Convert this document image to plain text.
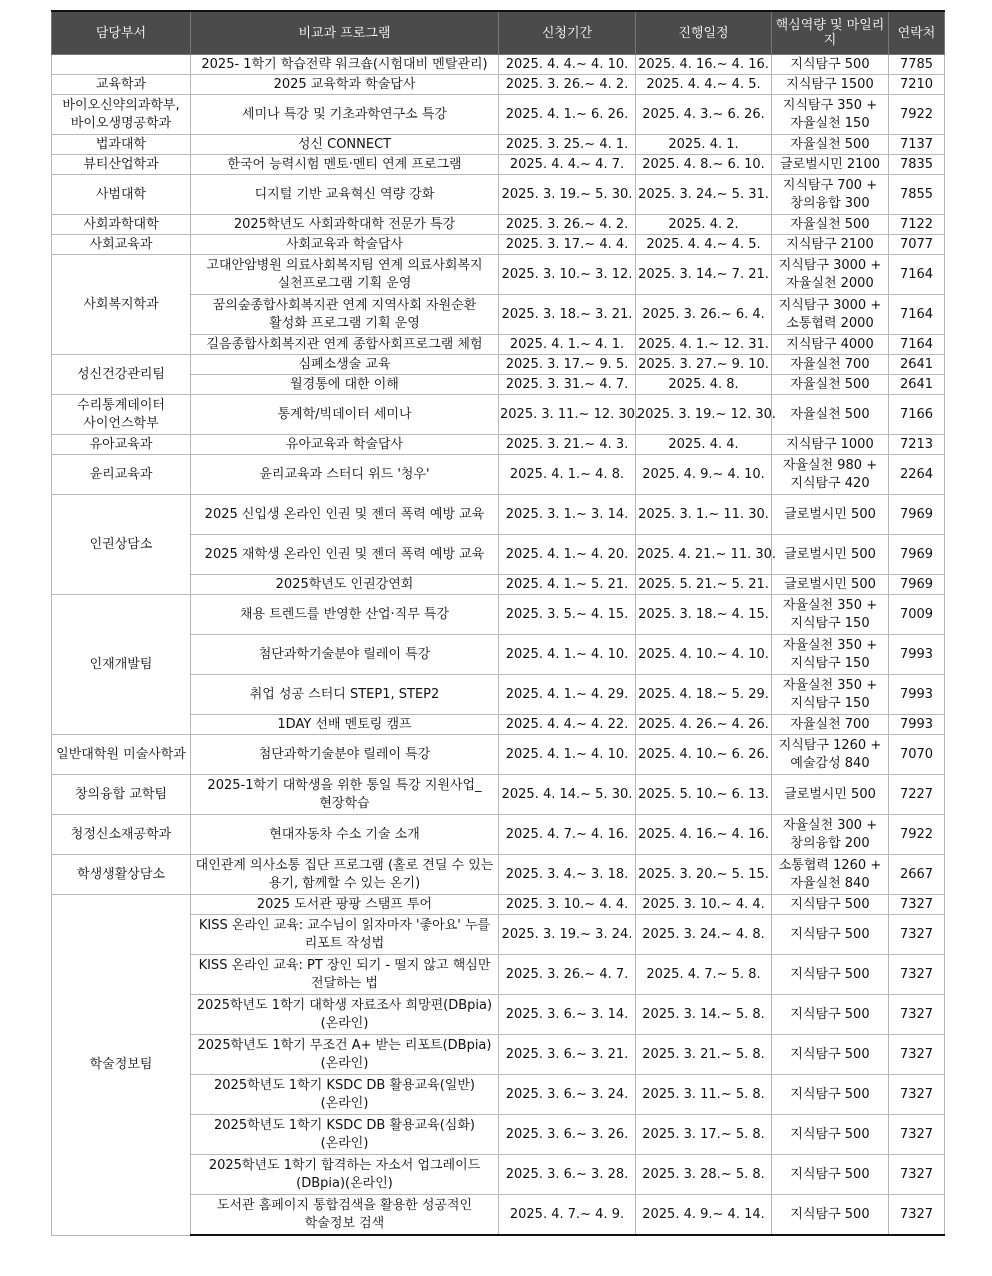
담당부서	비교과 프로그램	신청기간	진행일정	핵심역량 및 마일리지	연락처
	2025- 1학기 학습전략 워크숍(시험대비 멘탈관리)	2025. 4. 4.~ 4. 10.	2025. 4. 16.~ 4. 16.	지식탐구 500	7785
교육학과	2025 교육학과 학술답사	2025. 3. 26.~ 4. 2.	2025. 4. 4.~ 4. 5.	지식탐구 1500	7210
바이오신약의과학부, 바이오생명공학과	세미나 특강 및 기초과학연구소 특강	2025. 4. 1.~ 6. 26.	2025. 4. 3.~ 6. 26.	지식탐구 350 + 자율실천 150	7922
법과대학	성신 CONNECT	2025. 3. 25.~ 4. 1.	2025. 4. 1.	자율실천 500	7137
뷰티산업학과	한국어 능력시험 멘토·멘티 연계 프로그램	2025. 4. 4.~ 4. 7.	2025. 4. 8.~ 6. 10.	글로벌시민 2100	7835
사범대학	디지털 기반 교육혁신 역량 강화	2025. 3. 19.~ 5. 30.	2025. 3. 24.~ 5. 31.	지식탐구 700 + 창의융합 300	7855
사회과학대학	2025학년도 사회과학대학 전문가 특강	2025. 3. 26.~ 4. 2.	2025. 4. 2.	자율실천 500	7122
사회교육과	사회교육과 학술답사	2025. 3. 17.~ 4. 4.	2025. 4. 4.~ 4. 5.	지식탐구 2100	7077
사회복지학과	고대안암병원 의료사회복지팀 연계 의료사회복지 실천프로그램 기획 운영	2025. 3. 10.~ 3. 12.	2025. 3. 14.~ 7. 21.	지식탐구 3000 + 자율실천 2000	7164
	꿈의숲종합사회복지관 연계 지역사회 자원순환 활성화 프로그램 기획 운영	2025. 3. 18.~ 3. 21.	2025. 3. 26.~ 6. 4.	지식탐구 3000 + 소통협력 2000	7164
	길음종합사회복지관 연계 종합사회프로그램 체험	2025. 4. 1.~ 4. 1.	2025. 4. 1.~ 12. 31.	지식탐구 4000	7164
성신건강관리팀	심폐소생술 교육	2025. 3. 17.~ 9. 5.	2025. 3. 27.~ 9. 10.	자율실천 700	2641
	월경통에 대한 이해	2025. 3. 31.~ 4. 7.	2025. 4. 8.	자율실천 500	2641
수리통계데이터 사이언스학부	통계학/빅데이터 세미나	2025. 3. 11.~ 12. 30.	2025. 3. 19.~ 12. 30.	자율실천 500	7166
유아교육과	유아교육과 학술답사	2025. 3. 21.~ 4. 3.	2025. 4. 4.	지식탐구 1000	7213
윤리교육과	윤리교육과 스터디 위드 '청우'	2025. 4. 1.~ 4. 8.	2025. 4. 9.~ 4. 10.	자율실천 980 + 지식탐구 420	2264
인권상담소	2025 신입생 온라인 인권 및 젠더 폭력 예방 교육	2025. 3. 1.~ 3. 14.	2025. 3. 1.~ 11. 30.	글로벌시민 500	7969
	2025 재학생 온라인 인권 및 젠더 폭력 예방 교육	2025. 4. 1.~ 4. 20.	2025. 4. 21.~ 11. 30.	글로벌시민 500	7969
	2025학년도 인권강연회	2025. 4. 1.~ 5. 21.	2025. 5. 21.~ 5. 21.	글로벌시민 500	7969
인재개발팀	채용 트렌드를 반영한 산업·직무 특강	2025. 3. 5.~ 4. 15.	2025. 3. 18.~ 4. 15.	자율실천 350 + 지식탐구 150	7009
	첨단과학기술분야 릴레이 특강	2025. 4. 1.~ 4. 10.	2025. 4. 10.~ 4. 10.	자율실천 350 + 지식탐구 150	7993
	취업 성공 스터디 STEP1, STEP2	2025. 4. 1.~ 4. 29.	2025. 4. 18.~ 5. 29.	자율실천 350 + 지식탐구 150	7993
	1DAY 선배 멘토링 캠프	2025. 4. 4.~ 4. 22.	2025. 4. 26.~ 4. 26.	자율실천 700	7993
일반대학원 미술사학과	첨단과학기술분야 릴레이 특강	2025. 4. 1.~ 4. 10.	2025. 4. 10.~ 6. 26.	지식탐구 1260 + 예술감성 840	7070
창의융합 교학팀	2025-1학기 대학생을 위한 통일 특강 지원사업_현장학습	2025. 4. 14.~ 5. 30.	2025. 5. 10.~ 6. 13.	글로벌시민 500	7227
청정신소재공학과	현대자동차 수소 기술 소개	2025. 4. 7.~ 4. 16.	2025. 4. 16.~ 4. 16.	자율실천 300 + 창의융합 200	7922
학생생활상담소	대인관계 의사소통 집단 프로그램 (홀로 견딜 수 있는 용기, 함께할 수 있는 온기)	2025. 3. 4.~ 3. 18.	2025. 3. 20.~ 5. 15.	소통협력 1260 + 자율실천 840	2667
학술정보팀	2025 도서관 팡팡 스탬프 투어	2025. 3. 10.~ 4. 4.	2025. 3. 10.~ 4. 4.	지식탐구 500	7327
	KISS 온라인 교육: 교수님이 읽자마자 '좋아요' 누를 리포트 작성법	2025. 3. 19.~ 3. 24.	2025. 3. 24.~ 4. 8.	지식탐구 500	7327
	KISS 온라인 교육: PT 장인 되기 - 떨지 않고 핵심만 전달하는 법	2025. 3. 26.~ 4. 7.	2025. 4. 7.~ 5. 8.	지식탐구 500	7327
	2025학년도 1학기 대학생 자료조사 희망편(DBpia)(온라인)	2025. 3. 6.~ 3. 14.	2025. 3. 14.~ 5. 8.	지식탐구 500	7327
	2025학년도 1학기 무조건 A+ 받는 리포트(DBpia)(온라인)	2025. 3. 6.~ 3. 21.	2025. 3. 21.~ 5. 8.	지식탐구 500	7327
	2025학년도 1학기 KSDC DB 활용교육(일반)(온라인)	2025. 3. 6.~ 3. 24.	2025. 3. 11.~ 5. 8.	지식탐구 500	7327
	2025학년도 1학기 KSDC DB 활용교육(심화)(온라인)	2025. 3. 6.~ 3. 26.	2025. 3. 17.~ 5. 8.	지식탐구 500	7327
	2025학년도 1학기 합격하는 자소서 업그레이드(DBpia)(온라인)	2025. 3. 6.~ 3. 28.	2025. 3. 28.~ 5. 8.	지식탐구 500	7327
	도서관 홈페이지 통합검색을 활용한 성공적인 학술정보 검색	2025. 4. 7.~ 4. 9.	2025. 4. 9.~ 4. 14.	지식탐구 500	7327
